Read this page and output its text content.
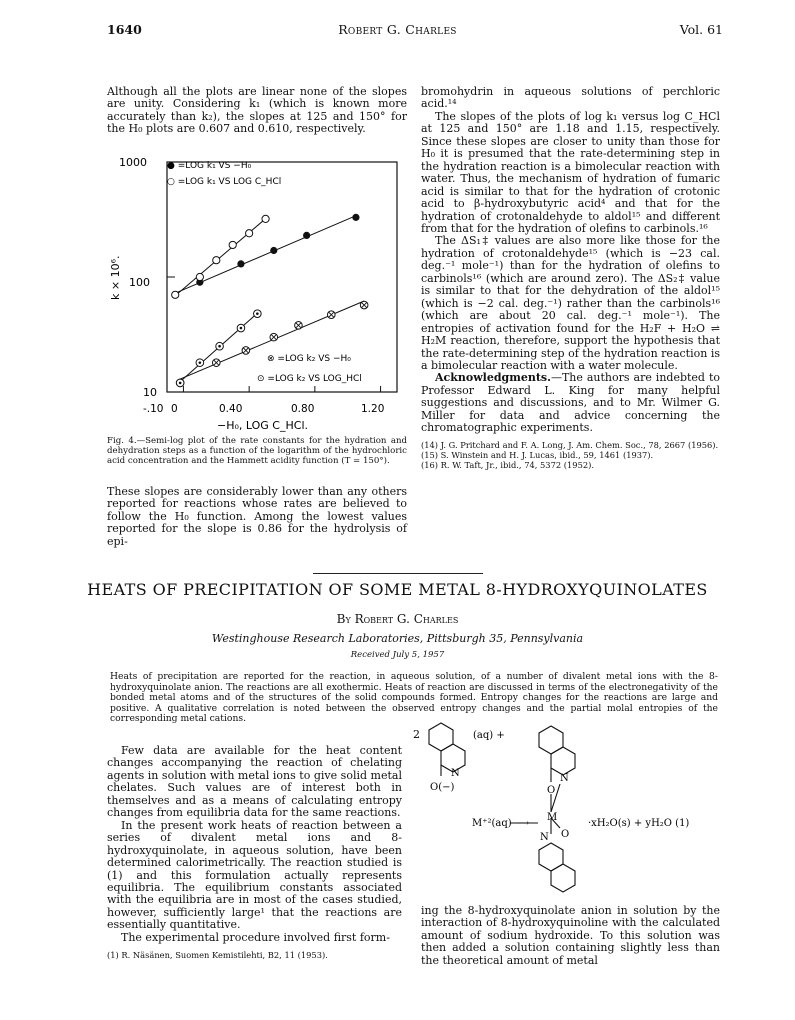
1640	Robert G. Charles	Vol. 61

Although all the plots are linear none of the slopes are unity. Considering k₁ (which is known more accurately than k₂), the slopes at 125 and 150° for the H₀ plots are 0.607 and 0.610, respectively.

1000
100
10
● =LOG k₁ VS −H₀
○ =LOG k₁ VS LOG C_HCl
⊗ =LOG k₂ VS −H₀
⊙ =LOG k₂ VS LOG_HCl
k × 10⁶.
-.10 0	0.40	0.80	1.20
−H₀, LOG C_HCl.
Fig. 4.—Semi-log plot of the rate constants for the hydration and dehydration steps as a function of the logarithm of the hydrochloric acid concentration and the Hammett acidity function (T = 150°).

These slopes are considerably lower than any others reported for reactions whose rates are believed to follow the H₀ function. Among the lowest values reported for the slope is 0.86 for the hydrolysis of epi-

bromohydrin in aqueous solutions of perchloric acid.¹⁴

The slopes of the plots of log k₁ versus log C_HCl at 125 and 150° are 1.18 and 1.15, respectively. Since these slopes are closer to unity than those for H₀ it is presumed that the rate-determining step in the hydration reaction is a bimolecular reaction with water. Thus, the mechanism of hydration of fumaric acid is similar to that for the hydration of crotonic acid to β-hydroxybutyric acid⁴ and that for the hydration of crotonaldehyde to aldol¹⁵ and different from that for the hydration of olefins to carbinols.¹⁶

The ΔS₁‡ values are also more like those for the hydration of crotonaldehyde¹⁵ (which is −23 cal. deg.⁻¹ mole⁻¹) than for the hydration of olefins to carbinols¹⁶ (which are around zero). The ΔS₂‡ value is similar to that for the dehydration of the aldol¹⁵ (which is −2 cal. deg.⁻¹) rather than the carbinols¹⁶ (which are about 20 cal. deg.⁻¹ mole⁻¹). The entropies of activation found for the H₂F + H₂O ⇌ H₂M reaction, therefore, support the hypothesis that the rate-determining step of the hydration reaction is a bimolecular reaction with a water molecule.

Acknowledgments.—The authors are indebted to Professor Edward L. King for many helpful suggestions and discussions, and to Mr. Wilmer G. Miller for data and advice concerning the chromatographic experiments.

(14) J. G. Pritchard and F. A. Long, J. Am. Chem. Soc., 78, 2667 (1956).
(15) S. Winstein and H. J. Lucas, ibid., 59, 1461 (1937).
(16) R. W. Taft, Jr., ibid., 74, 5372 (1952).
HEATS OF PRECIPITATION OF SOME METAL 8-HYDROXYQUINOLATES
By Robert G. Charles
Westinghouse Research Laboratories, Pittsburgh 35, Pennsylvania
Received July 5, 1957
Heats of precipitation are reported for the reaction, in aqueous solution, of a number of divalent metal ions with the 8-hydroxyquinolate anion. The reactions are all exothermic. Heats of reaction are discussed in terms of the electronegativity of the bonded metal atoms and of the structures of the solid compounds formed. Entropy changes for the reactions are large and positive. A qualitative correlation is noted between the observed entropy changes and the partial molal entropies of the corresponding metal cations.

Few data are available for the heat content changes accompanying the reaction of chelating agents in solution with metal ions to give solid metal chelates. Such values are of interest both in themselves and as a means of calculating entropy changes from equilibria data for the same reactions.

In the present work heats of reaction between a series of divalent metal ions and 8-hydroxyquinolate, in aqueous solution, have been determined calorimetrically. The reaction studied is (1) and this formulation actually represents equilibria. The equilibrium constants associated with the equilibria are in most of the cases studied, however, sufficiently large¹ that the reactions are essentially quantitative.

The experimental procedure involved first form-

(1) R. Näsänen, Suomen Kemistilehti, B2, 11 (1953).
2	(aq) +
N
O(−)
M⁺²(aq) ⟶
N
O
M
·xH₂O(s) + yH₂O (1)
N O

ing the 8-hydroxyquinolate anion in solution by the interaction of 8-hydroxyquinoline with the calculated amount of sodium hydroxide. To this solution was then added a solution containing slightly less than the theoretical amount of metal
